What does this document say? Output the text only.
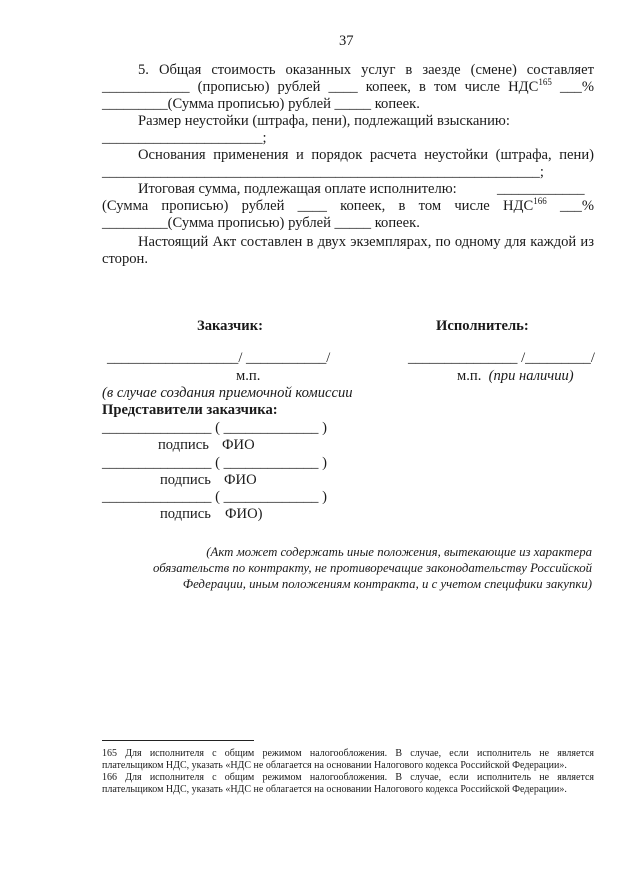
37
5. Общая стоимость оказанных услуг в заезде (смене) составляет
____________ (прописью) рублей ____ копеек, в том числе НДС$^{165}$ ___%
_________(Сумма прописью) рублей _____ копеек.
Размер неустойки (штрафа, пени), подлежащий взысканию:
______________________;
Основания применения и порядок расчета неустойки (штрафа, пени)
____________________________________________________________;
Итоговая сумма, подлежащая оплате исполнителю:	____________
(Сумма прописью) рублей ____ копеек, в том числе НДС$^{166}$ ___%
_________(Сумма прописью) рублей _____ копеек.
Настоящий Акт составлен в двух экземплярах, по одному для каждой из
сторон.
Заказчик:	Исполнитель:
__________________/ ___________/	_______________ /_________/
м.п.	м.п. (при наличии)
(в случае создания приемочной комиссии
Представители заказчика:
_______________ ( _____________ )
подпись ФИО
_______________ ( _____________ )
подпись ФИО
_______________ ( _____________ )
подпись ФИО)
(Акт может содержать иные положения, вытекающие из характера
обязательств по контракту, не противоречащие законодательству Российской
Федерации, иным положениям контракта, и с учетом специфики закупки)
165 Для исполнителя с общим режимом налогообложения. В случае, если исполнитель не является
плательщиком НДС, указать «НДС не облагается на основании Налогового кодекса Российской Федерации».
166 Для исполнителя с общим режимом налогообложения. В случае, если исполнитель не является
плательщиком НДС, указать «НДС не облагается на основании Налогового кодекса Российской Федерации».
